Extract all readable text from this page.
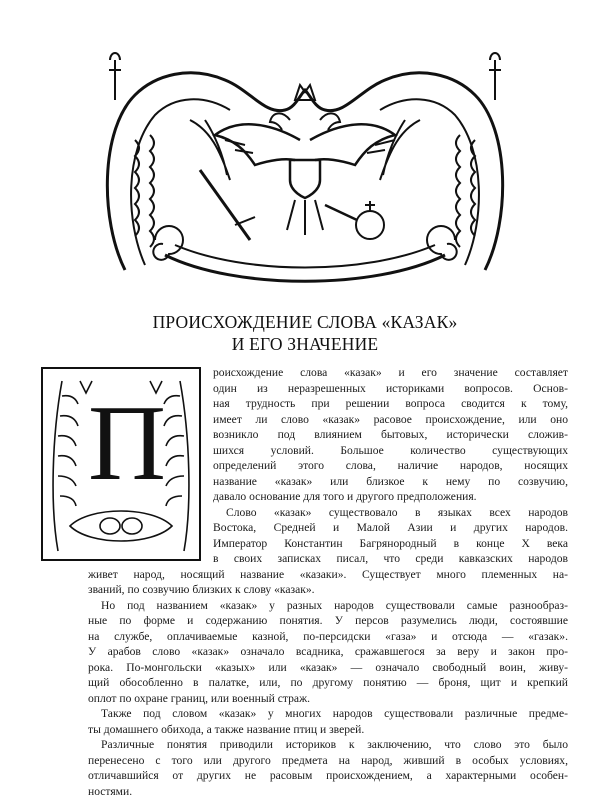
ПРОИСХОЖДЕНИЕ СЛОВА «КАЗАК»
И ЕГО ЗНАЧЕНИЕ
П
роисхождение слова «казак» и его значение составляет
один из неразрешенных историками вопросов. Основ-
ная трудность при решении вопроса сводится к тому,
имеет ли слово «казак» расовое происхождение, или оно
возникло под влиянием бытовых, исторически сложив-
шихся условий. Большое количество существующих
определений этого слова, наличие народов, носящих
название «казак» или близкое к нему по созвучию,
давало основание для того и другого предположения.
Слово «казак» существовало в языках всех народов
Востока, Средней и Малой Азии и других народов.
Император Константин Багрянородный в конце X века
в своих записках писал, что среди кавказских народов
живет народ, носящий название «казаки». Существует много племенных на-
званий, по созвучию близких к слову «казак».
Но под названием «казак» у разных народов существовали самые разнообраз-
ные по форме и содержанию понятия. У персов разумелись люди, состоявшие
на службе, оплачиваемые казной, по-персидски «газа» и отсюда — «газак».
У арабов слово «казак» означало всадника, сражавшегося за веру и закон про-
рока. По-монгольски «казых» или «казак» — означало свободный воин, живу-
щий обособленно в палатке, или, по другому понятию — броня, щит и крепкий
оплот по охране границ, или военный страж.
Также под словом «казак» у многих народов существовали различные предме-
ты домашнего обихода, а также название птиц и зверей.
Различные понятия приводили историков к заключению, что слово это было
перенесено с того или другого предмета на народ, живший в особых условиях,
отличавшийся от других не расовым происхождением, а характерными особен-
ностями.
